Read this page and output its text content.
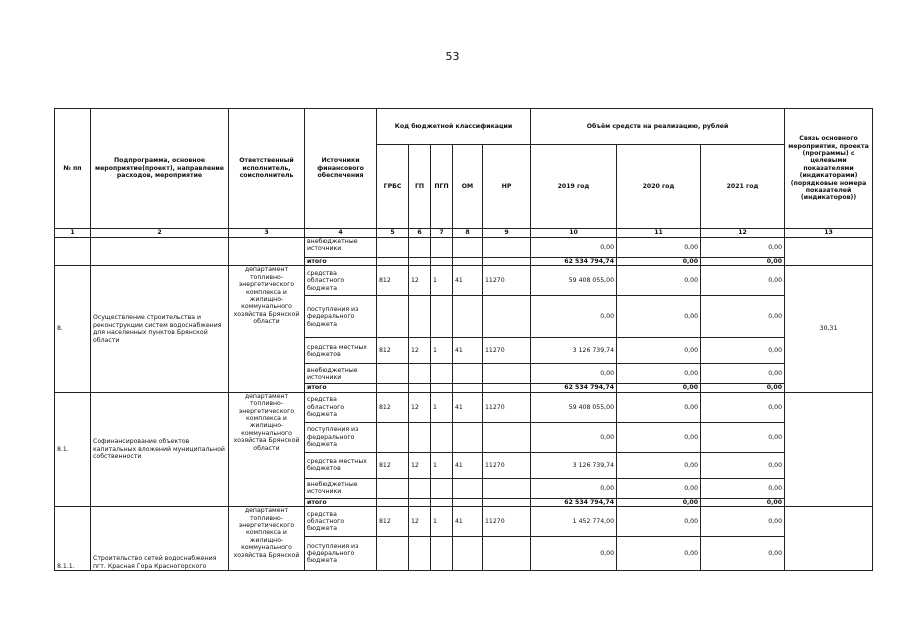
53
№ пп	Подпрограмма, основное мероприятие(проект), направление расходов, мероприятие	Ответственный исполнитель, соисполнитель	Источники финансового обеспечения	Код бюджетной классификации					Объём средств на реализацию, рублей			Связь основного мероприятия, проекта (программы) с целевыми показателями (индикаторами) (порядковые номера показателей (индикаторов))
				ГРБС	ГП	ПГП	ОМ	НР	2019 год	2020 год	2021 год	
1	2	3	4	5	6	7	8	9	10	11	12	13
			внебюджетные источники						0,00	0,00	0,00	
			итого						62 534 794,74	0,00	0,00	
8.	Осуществление строительства и реконструкции систем водоснабжения для населенных пунктов Брянской области	департамент топливно-энергетического комплекса и жилищно-коммунального хозяйства Брянской области	средства областного бюджета	812	12	1	41	11270	59 408 055,00	0,00	0,00	30,31
			поступления из федерального бюджета						0,00	0,00	0,00	
			средства местных бюджетов	812	12	1	41	11270	3 126 739,74	0,00	0,00	
			внебюджетные источники						0,00	0,00	0,00	
			итого						62 534 794,74	0,00	0,00	
8.1.	Софинансирование объектов капитальных вложений муниципальной собственности	департамент топливно-энергетического комплекса и жилищно-коммунального хозяйства Брянской области	средства областного бюджета	812	12	1	41	11270	59 408 055,00	0,00	0,00	
			поступления из федерального бюджета						0,00	0,00	0,00	
			средства местных бюджетов	812	12	1	41	11270	3 126 739,74	0,00	0,00	
			внебюджетные источники						0,00	0,00	0,00	
			итого						62 534 794,74	0,00	0,00	
8.1.1.	Строительство сетей водоснабжения пгт. Красная Гора Красногорского	департамент топливно-энергетического комплекса и жилищно-коммунального хозяйства Брянской	средства областного бюджета	812	12	1	41	11270	1 452 774,00	0,00	0,00	
			поступления из федерального бюджета						0,00	0,00	0,00	
